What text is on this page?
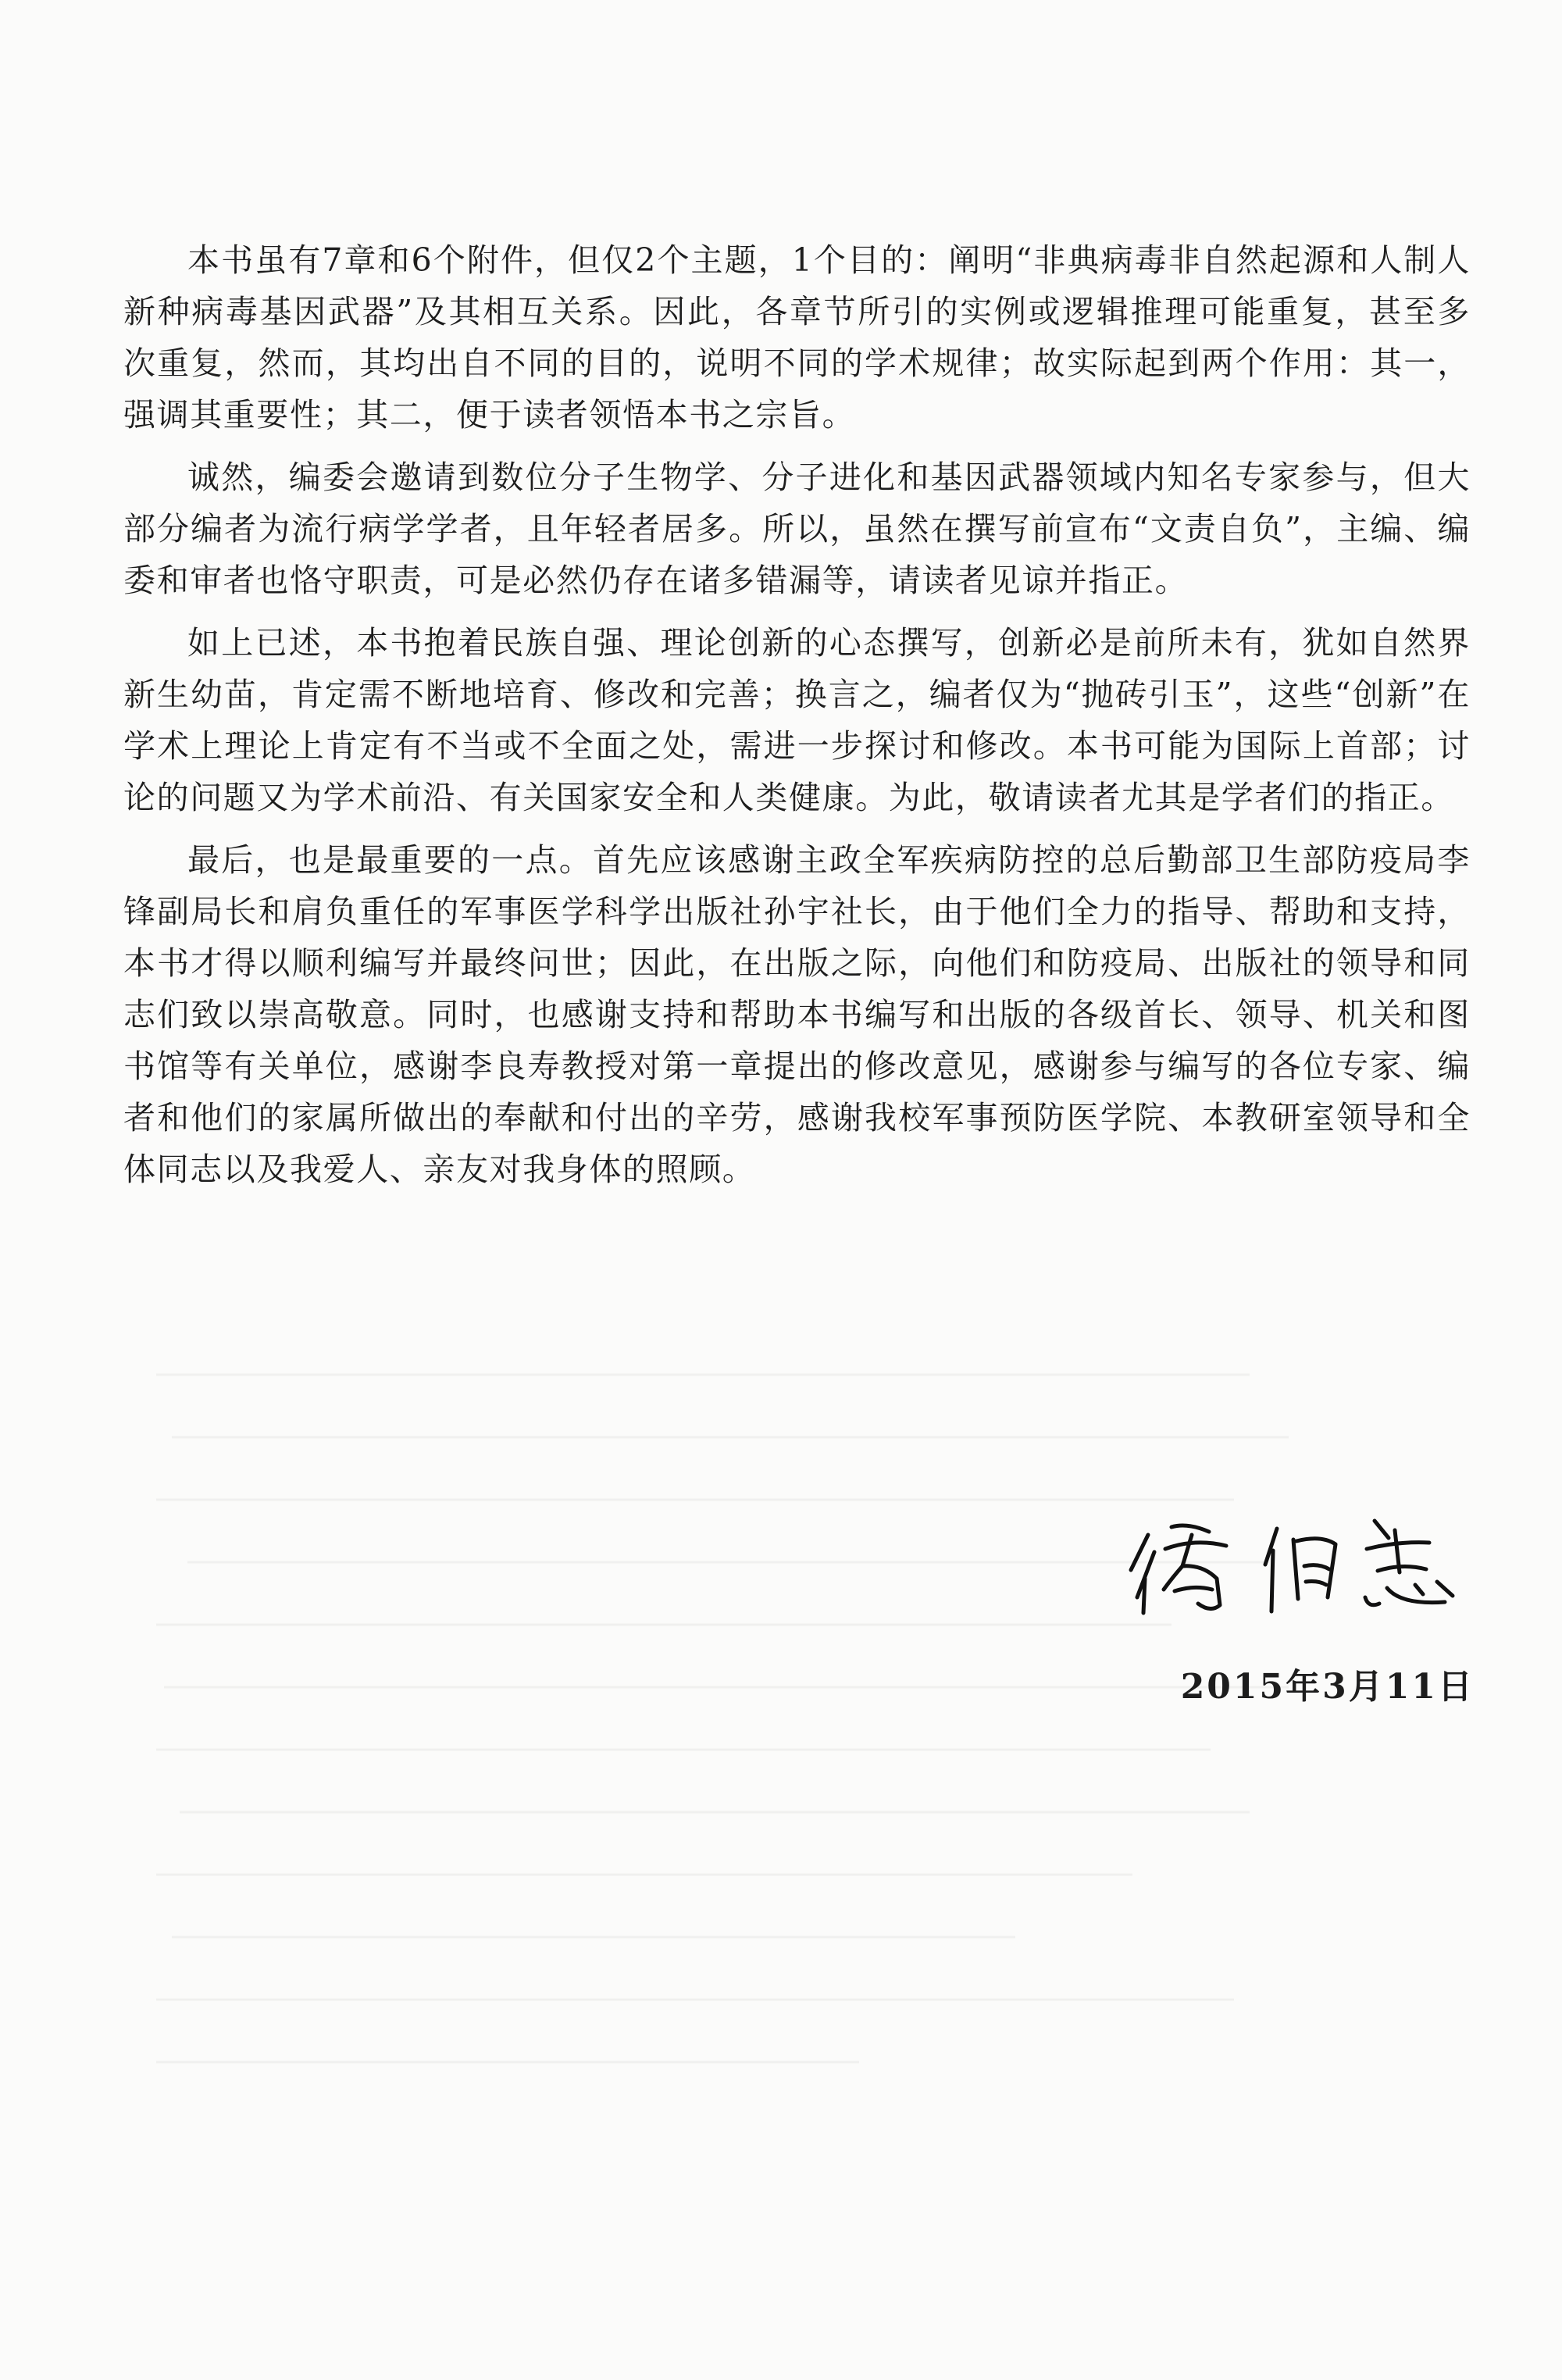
本书虽有7章和6个附件，但仅2个主题，1个目的：阐明“非典病毒非自然起源和人制人新种病毒基因武器”及其相互关系。因此，各章节所引的实例或逻辑推理可能重复，甚至多次重复，然而，其均出自不同的目的，说明不同的学术规律；故实际起到两个作用：其一，强调其重要性；其二，便于读者领悟本书之宗旨。

诚然，编委会邀请到数位分子生物学、分子进化和基因武器领域内知名专家参与，但大部分编者为流行病学学者，且年轻者居多。所以，虽然在撰写前宣布“文责自负”，主编、编委和审者也恪守职责，可是必然仍存在诸多错漏等，请读者见谅并指正。

如上已述，本书抱着民族自强、理论创新的心态撰写，创新必是前所未有，犹如自然界新生幼苗，肯定需不断地培育、修改和完善；换言之，编者仅为“抛砖引玉”，这些“创新”在学术上理论上肯定有不当或不全面之处，需进一步探讨和修改。本书可能为国际上首部；讨论的问题又为学术前沿、有关国家安全和人类健康。为此，敬请读者尤其是学者们的指正。

最后，也是最重要的一点。首先应该感谢主政全军疾病防控的总后勤部卫生部防疫局李锋副局长和肩负重任的军事医学科学出版社孙宇社长，由于他们全力的指导、帮助和支持，本书才得以顺利编写并最终问世；因此，在出版之际，向他们和防疫局、出版社的领导和同志们致以崇高敬意。同时，也感谢支持和帮助本书编写和出版的各级首长、领导、机关和图书馆等有关单位，感谢李良寿教授对第一章提出的修改意见，感谢参与编写的各位专家、编者和他们的家属所做出的奉献和付出的辛劳，感谢我校军事预防医学院、本教研室领导和全体同志以及我爱人、亲友对我身体的照顾。

2015年3月11日
